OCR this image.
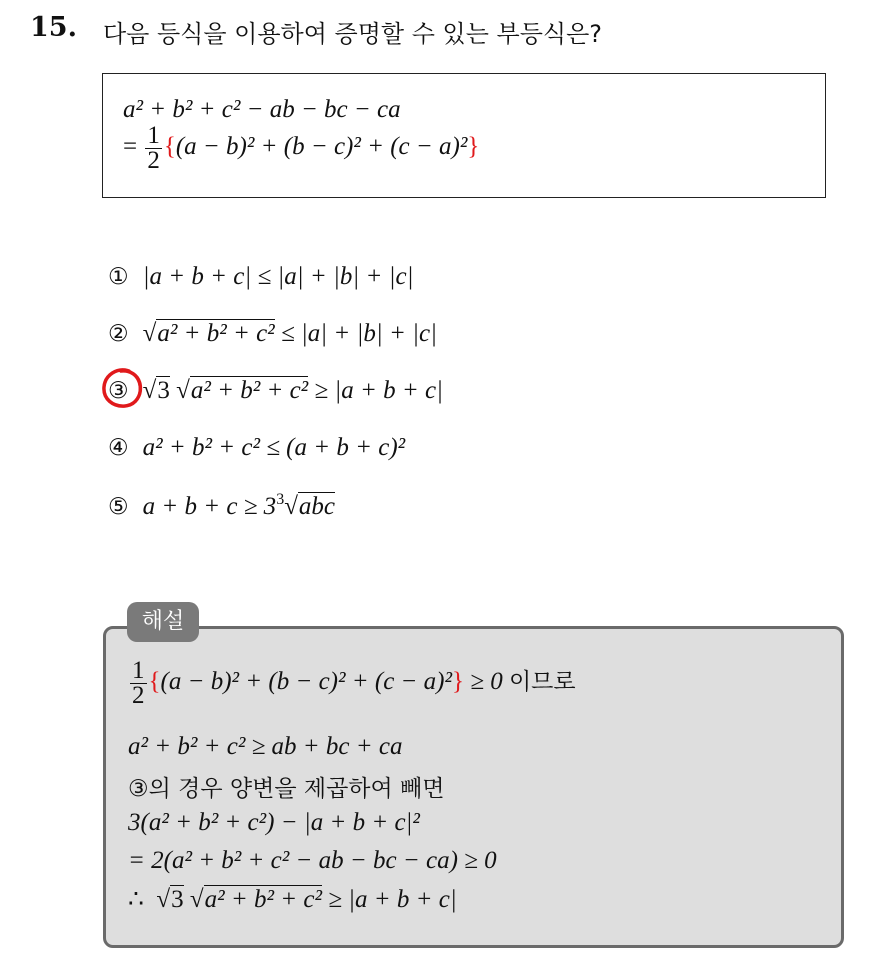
15. 다음 등식을 이용하여 증명할 수 있는 부등식은?
a² + b² + c² − ab − bc − ca
= $\frac{1}{2} \{(a - b)^2 + (b - c)^2 + (c - a)^2\}$
① |a + b + c| ≤ |a| + |b| + |c|
② √a² + b² + c² ≤ |a| + |b| + |c|
③ √3 √a² + b² + c² ≥ |a + b + c|
④ a² + b² + c² ≤ (a + b + c)²
⑤ $a + b + c \ge 3^3√abc$
$\frac{1}{2} \{(a - b)^2 + (b - c)^2 + (c - a)^2\} \ge 0$ 이므로
a² + b² + c² ≥ ab + bc + ca
③의 경우 양변을 제곱하여 빼면
3(a² + b² + c²) − |a + b + c|²
= 2(a² + b² + c² − ab − bc − ca) ≥ 0
∴ √3 √a² + b² + c² ≥ |a + b + c|
해설
